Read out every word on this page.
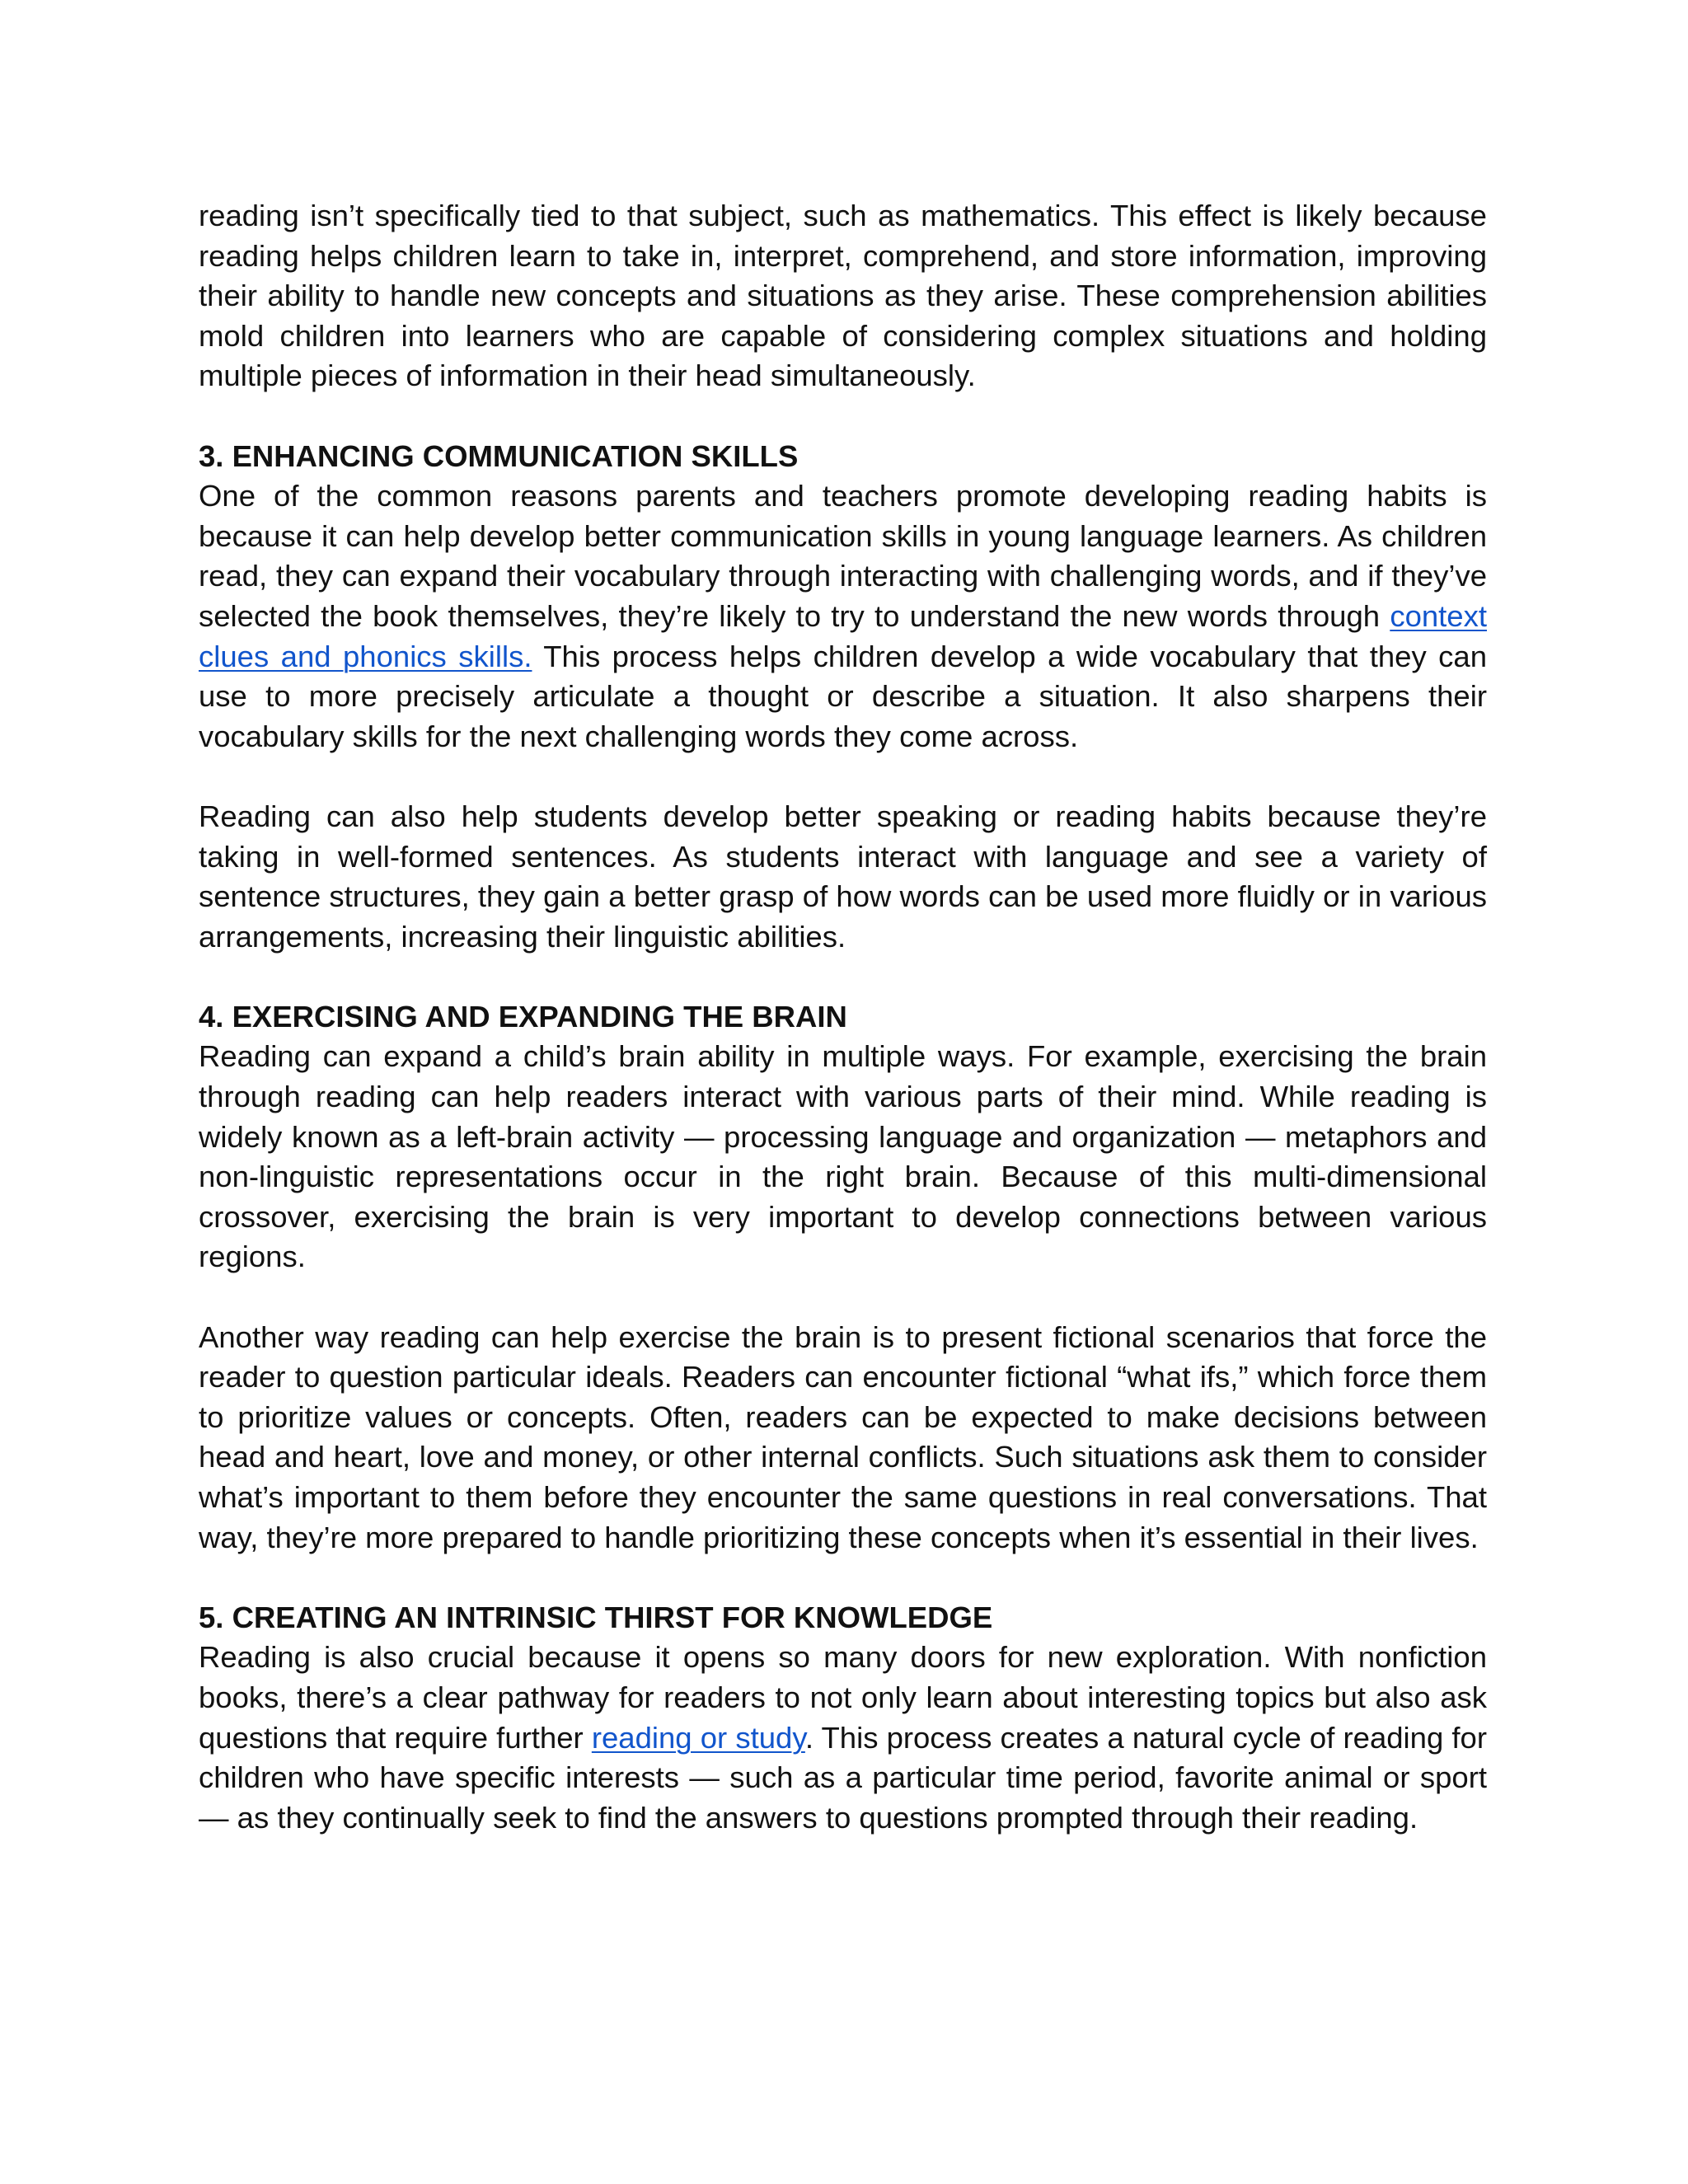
reading isn’t specifically tied to that subject, such as mathematics. This effect is likely because reading helps children learn to take in, interpret, comprehend, and store information, improving their ability to handle new concepts and situations as they arise. These comprehension abilities mold children into learners who are capable of considering complex situations and holding multiple pieces of information in their head simultaneously.

3. ENHANCING COMMUNICATION SKILLS

One of the common reasons parents and teachers promote developing reading habits is because it can help develop better communication skills in young language learners. As children read, they can expand their vocabulary through interacting with challenging words, and if they’ve selected the book themselves, they’re likely to try to understand the new words through context clues and phonics skills. This process helps children develop a wide vocabulary that they can use to more precisely articulate a thought or describe a situation. It also sharpens their vocabulary skills for the next challenging words they come across.

Reading can also help students develop better speaking or reading habits because they’re taking in well-formed sentences. As students interact with language and see a variety of sentence structures, they gain a better grasp of how words can be used more fluidly or in various arrangements, increasing their linguistic abilities.

4. EXERCISING AND EXPANDING THE BRAIN

Reading can expand a child’s brain ability in multiple ways. For example, exercising the brain through reading can help readers interact with various parts of their mind. While reading is widely known as a left-brain activity — processing language and organization — metaphors and non-linguistic representations occur in the right brain. Because of this multi-dimensional crossover, exercising the brain is very important to develop connections between various regions.

Another way reading can help exercise the brain is to present fictional scenarios that force the reader to question particular ideals. Readers can encounter fictional “what ifs,” which force them to prioritize values or concepts. Often, readers can be expected to make decisions between head and heart, love and money, or other internal conflicts. Such situations ask them to consider what’s important to them before they encounter the same questions in real conversations. That way, they’re more prepared to handle prioritizing these concepts when it’s essential in their lives.

5. CREATING AN INTRINSIC THIRST FOR KNOWLEDGE

Reading is also crucial because it opens so many doors for new exploration. With nonfiction books, there’s a clear pathway for readers to not only learn about interesting topics but also ask questions that require further reading or study. This process creates a natural cycle of reading for children who have specific interests — such as a particular time period, favorite animal or sport — as they continually seek to find the answers to questions prompted through their reading.
